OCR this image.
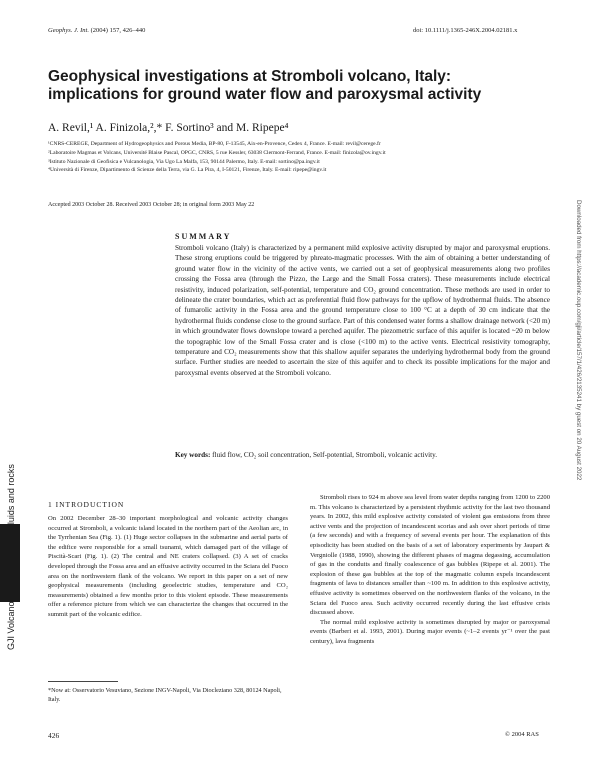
Geophys. J. Int. (2004) 157, 426–440	doi: 10.1111/j.1365-246X.2004.02181.x
Geophysical investigations at Stromboli volcano, Italy: implications for ground water flow and paroxysmal activity
A. Revil,¹ A. Finizola,²,* F. Sortino³ and M. Ripepe⁴
¹CNRS-CEREGE, Department of Hydrogeophysics and Porous Media, BP-80, F-13545, Aix-en-Provence, Cedex 4, France. E-mail: revil@cerege.fr
²Laboratoire Magmas et Volcans, Université Blaise Pascal, OPGC, CNRS, 5 rue Kessler, 63038 Clermont-Ferrand, France. E-mail: finizola@ov.ingv.it
³Istituto Nazionale di Geofisica e Vulcanologia, Via Ugo La Malfa, 153, 90144 Palermo, Italy. E-mail: sortino@pa.ingv.it
⁴Università di Firenze, Dipartimento di Scienze della Terra, via G. La Pira, 4, I-50121, Firenze, Italy. E-mail: ripepe@ingv.it
Accepted 2003 October 28. Received 2003 October 28; in original form 2003 May 22
SUMMARY
Stromboli volcano (Italy) is characterized by a permanent mild explosive activity disrupted by major and paroxysmal eruptions. These strong eruptions could be triggered by phreato-magmatic processes. With the aim of obtaining a better understanding of ground water flow in the vicinity of the active vents, we carried out a set of geophysical measurements along two profiles crossing the Fossa area (through the Pizzo, the Large and the Small Fossa craters). These measurements include electrical resistivity, induced polarization, self-potential, temperature and CO₂ ground concentration. These methods are used in order to delineate the crater boundaries, which act as preferential fluid flow pathways for the upflow of hydrothermal fluids. The absence of fumarolic activity in the Fossa area and the ground temperature close to 100 °C at a depth of 30 cm indicate that the hydrothermal fluids condense close to the ground surface. Part of this condensed water forms a shallow drainage network (<20 m) in which groundwater flows downslope toward a perched aquifer. The piezometric surface of this aquifer is located ~20 m below the topographic low of the Small Fossa crater and is close (<100 m) to the active vents. Electrical resistivity tomography, temperature and CO₂ measurements show that this shallow aquifer separates the underlying hydrothermal body from the ground surface. Further studies are needed to ascertain the size of this aquifer and to check its possible implications for the major and paroxysmal events observed at the Stromboli volcano.
Key words: fluid flow, CO₂ soil concentration, Self-potential, Stromboli, volcanic activity.	Downloaded from https://academic.oup.com/gji/article/157/1/426/2135241 by guest on 20 August 2022
1 INTRODUCTION

On 2002 December 28–30 important morphological and volcanic activity changes occurred at Stromboli, a volcanic island located in the northern part of the Aeolian arc, in the Tyrrhenian Sea (Fig. 1). (1) Huge sector collapses in the submarine and aerial parts of the edifice were responsible for a small tsunami, which damaged part of the village of Piscità-Scari (Fig. 1). (2) The central and NE craters collapsed. (3) A set of cracks developed through the Fossa area and an effusive activity occurred in the Sciara del Fuoco area on the northwestern flank of the volcano. We report in this paper on a set of new geophysical measurements (including geoelectric studies, temperature and CO₂ measurements) obtained a few months prior to this violent episode. These measurements offer a reference picture from which we can characterize the changes that occurred in the summit part of the volcanic edifice.

Stromboli rises to 924 m above sea level from water depths ranging from 1200 to 2200 m. This volcano is characterized by a persistent rhythmic activity for the last two thousand years. In 2002, this mild explosive activity consisted of violent gas emissions from three active vents and the projection of incandescent scorias and ash over short periods of time (a few seconds) and with a frequency of several events per hour. The explanation of this episodicity has been studied on the basis of a set of laboratory experiments by Jaupart & Vergniolle (1988, 1990), showing the different phases of magma degassing, accumulation of gas in the conduits and finally coalescence of gas bubbles (Ripepe et al. 2001). The explosion of these gas bubbles at the top of the magmatic column expels incandescent fragments of lava to distances smaller than ~100 m. In addition to this explosive activity, effusive activity is sometimes observed on the northwestern flanks of the volcano, in the Sciara del Fuoco area. Such activity occurred recently during the last effusive crisis discussed above.

The normal mild explosive activity is sometimes disrupted by major or paroxysmal events (Barberi et al. 1993, 2001). During major events (~1–2 events yr⁻¹ over the past century), lava fragments

*Now at: Osservatorio Vesuviano, Sezione INGV-Napoli, Via Diocleziano 328, 80124 Napoli, Italy.
426	© 2004 RAS
